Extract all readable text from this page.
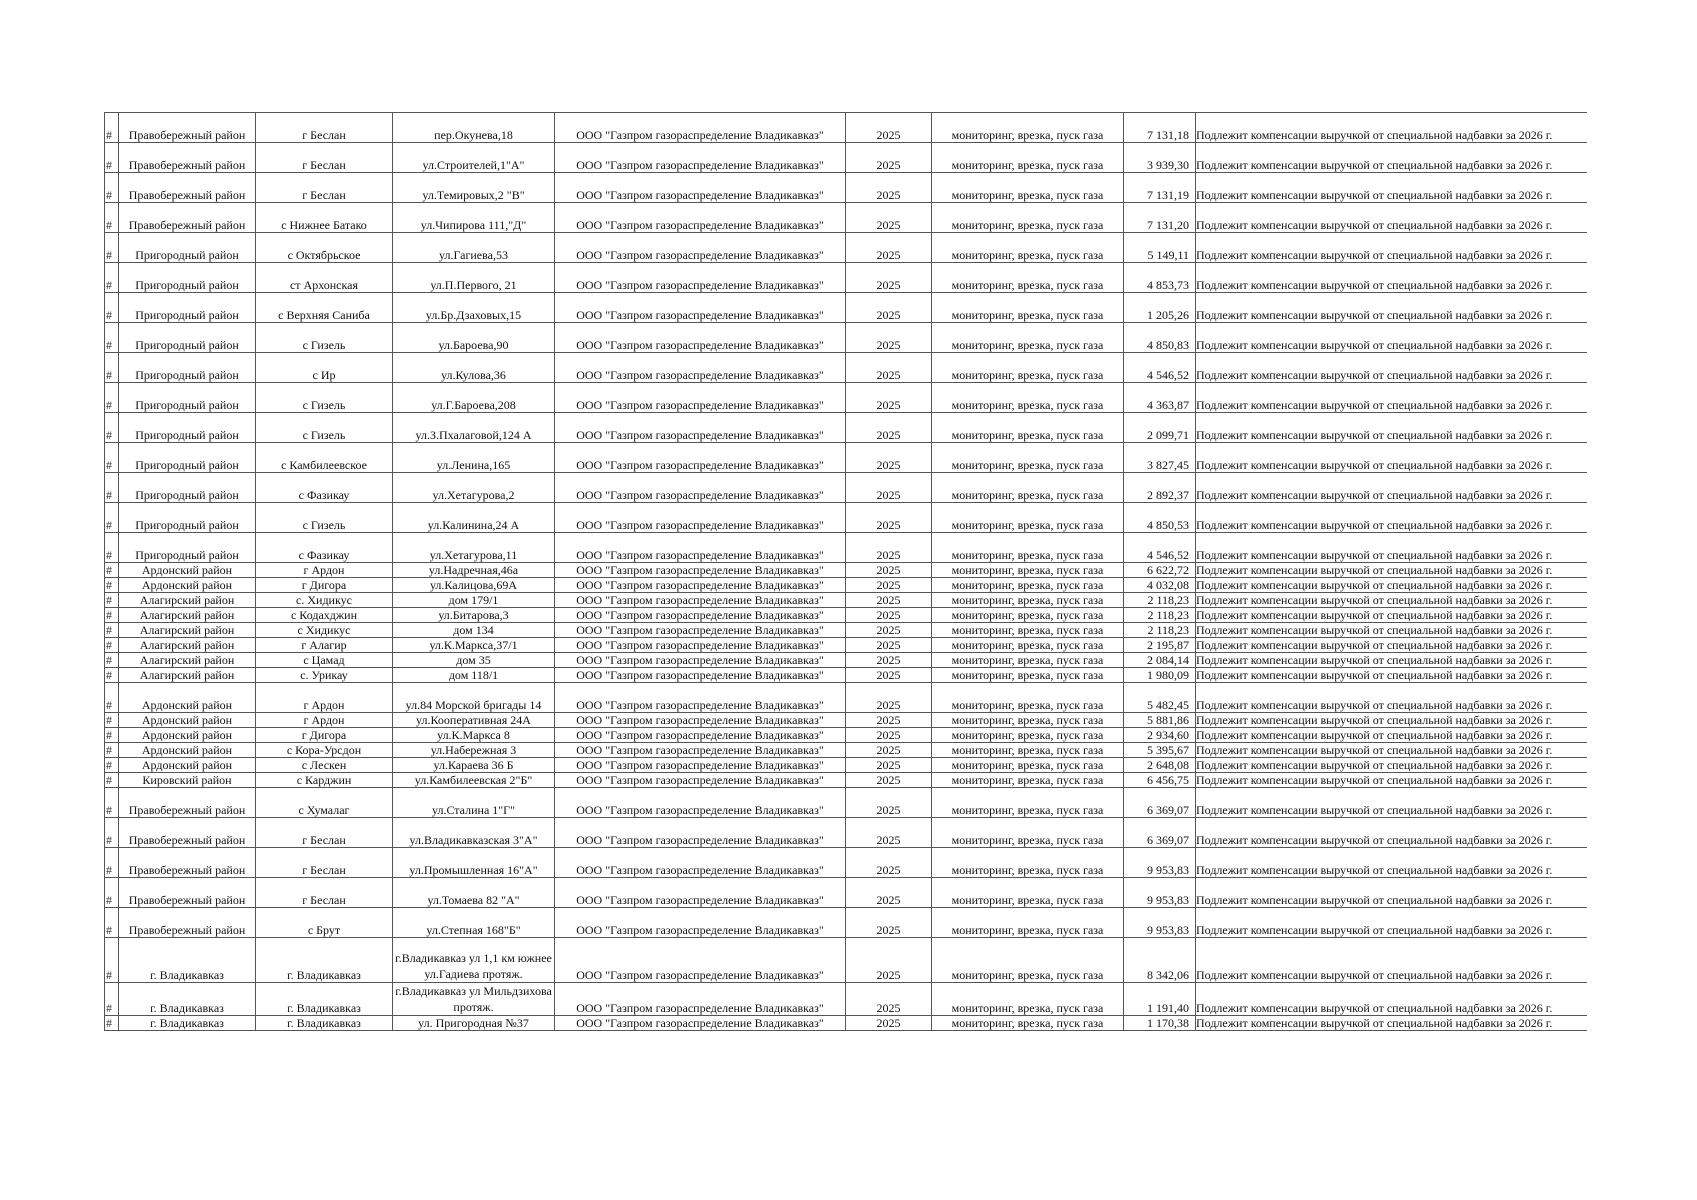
#	Правобережный район	г Беслан	пер.Окунева,18	ООО "Газпром газораспределение Владикавказ"	2025	мониторинг, врезка, пуск газа	7 131,18	Подлежит компенсации выручкой от специальной надбавки за 2026 г.
#	Правобережный район	г Беслан	ул.Строителей,1"А"	ООО "Газпром газораспределение Владикавказ"	2025	мониторинг, врезка, пуск газа	3 939,30	Подлежит компенсации выручкой от специальной надбавки за 2026 г.
#	Правобережный район	г Беслан	ул.Темировых,2 "В"	ООО "Газпром газораспределение Владикавказ"	2025	мониторинг, врезка, пуск газа	7 131,19	Подлежит компенсации выручкой от специальной надбавки за 2026 г.
#	Правобережный район	с Нижнее Батако	ул.Чипирова 111,"Д"	ООО "Газпром газораспределение Владикавказ"	2025	мониторинг, врезка, пуск газа	7 131,20	Подлежит компенсации выручкой от специальной надбавки за 2026 г.
#	Пригородный район	с Октябрьское	ул.Гагиева,53	ООО "Газпром газораспределение Владикавказ"	2025	мониторинг, врезка, пуск газа	5 149,11	Подлежит компенсации выручкой от специальной надбавки за 2026 г.
#	Пригородный район	ст Архонская	ул.П.Первого, 21	ООО "Газпром газораспределение Владикавказ"	2025	мониторинг, врезка, пуск газа	4 853,73	Подлежит компенсации выручкой от специальной надбавки за 2026 г.
#	Пригородный район	с Верхняя Саниба	ул.Бр.Дзаховых,15	ООО "Газпром газораспределение Владикавказ"	2025	мониторинг, врезка, пуск газа	1 205,26	Подлежит компенсации выручкой от специальной надбавки за 2026 г.
#	Пригородный район	с Гизель	ул.Бароева,90	ООО "Газпром газораспределение Владикавказ"	2025	мониторинг, врезка, пуск газа	4 850,83	Подлежит компенсации выручкой от специальной надбавки за 2026 г.
#	Пригородный район	с Ир	ул.Кулова,36	ООО "Газпром газораспределение Владикавказ"	2025	мониторинг, врезка, пуск газа	4 546,52	Подлежит компенсации выручкой от специальной надбавки за 2026 г.
#	Пригородный район	с Гизель	ул.Г.Бароева,208	ООО "Газпром газораспределение Владикавказ"	2025	мониторинг, врезка, пуск газа	4 363,87	Подлежит компенсации выручкой от специальной надбавки за 2026 г.
#	Пригородный район	с Гизель	ул.З.Пхалаговой,124 А	ООО "Газпром газораспределение Владикавказ"	2025	мониторинг, врезка, пуск газа	2 099,71	Подлежит компенсации выручкой от специальной надбавки за 2026 г.
#	Пригородный район	с Камбилеевское	ул.Ленина,165	ООО "Газпром газораспределение Владикавказ"	2025	мониторинг, врезка, пуск газа	3 827,45	Подлежит компенсации выручкой от специальной надбавки за 2026 г.
#	Пригородный район	с Фазикау	ул.Хетагурова,2	ООО "Газпром газораспределение Владикавказ"	2025	мониторинг, врезка, пуск газа	2 892,37	Подлежит компенсации выручкой от специальной надбавки за 2026 г.
#	Пригородный район	с Гизель	ул.Калинина,24 А	ООО "Газпром газораспределение Владикавказ"	2025	мониторинг, врезка, пуск газа	4 850,53	Подлежит компенсации выручкой от специальной надбавки за 2026 г.
#	Пригородный район	с Фазикау	ул.Хетагурова,11	ООО "Газпром газораспределение Владикавказ"	2025	мониторинг, врезка, пуск газа	4 546,52	Подлежит компенсации выручкой от специальной надбавки за 2026 г.
#	Ардонский район	г Ардон	ул.Надречная,46а	ООО "Газпром газораспределение Владикавказ"	2025	мониторинг, врезка, пуск газа	6 622,72	Подлежит компенсации выручкой от специальной надбавки за 2026 г.
#	Ардонский район	г Дигора	ул.Калицова,69А	ООО "Газпром газораспределение Владикавказ"	2025	мониторинг, врезка, пуск газа	4 032,08	Подлежит компенсации выручкой от специальной надбавки за 2026 г.
#	Алагирский район	с. Хидикус	дом 179/1	ООО "Газпром газораспределение Владикавказ"	2025	мониторинг, врезка, пуск газа	2 118,23	Подлежит компенсации выручкой от специальной надбавки за 2026 г.
#	Алагирский район	с Кодахджин	ул.Битарова,3	ООО "Газпром газораспределение Владикавказ"	2025	мониторинг, врезка, пуск газа	2 118,23	Подлежит компенсации выручкой от специальной надбавки за 2026 г.
#	Алагирский район	с Хидикус	дом 134	ООО "Газпром газораспределение Владикавказ"	2025	мониторинг, врезка, пуск газа	2 118,23	Подлежит компенсации выручкой от специальной надбавки за 2026 г.
#	Алагирский район	г Алагир	ул.К.Маркса,37/1	ООО "Газпром газораспределение Владикавказ"	2025	мониторинг, врезка, пуск газа	2 195,87	Подлежит компенсации выручкой от специальной надбавки за 2026 г.
#	Алагирский район	с Цамад	дом 35	ООО "Газпром газораспределение Владикавказ"	2025	мониторинг, врезка, пуск газа	2 084,14	Подлежит компенсации выручкой от специальной надбавки за 2026 г.
#	Алагирский район	с. Урикау	дом 118/1	ООО "Газпром газораспределение Владикавказ"	2025	мониторинг, врезка, пуск газа	1 980,09	Подлежит компенсации выручкой от специальной надбавки за 2026 г.
#	Ардонский район	г Ардон	ул.84 Морской бригады 14	ООО "Газпром газораспределение Владикавказ"	2025	мониторинг, врезка, пуск газа	5 482,45	Подлежит компенсации выручкой от специальной надбавки за 2026 г.
#	Ардонский район	г Ардон	ул.Кооперативная 24А	ООО "Газпром газораспределение Владикавказ"	2025	мониторинг, врезка, пуск газа	5 881,86	Подлежит компенсации выручкой от специальной надбавки за 2026 г.
#	Ардонский район	г Дигора	ул.К.Маркса 8	ООО "Газпром газораспределение Владикавказ"	2025	мониторинг, врезка, пуск газа	2 934,60	Подлежит компенсации выручкой от специальной надбавки за 2026 г.
#	Ардонский район	с Кора-Урсдон	ул.Набережная 3	ООО "Газпром газораспределение Владикавказ"	2025	мониторинг, врезка, пуск газа	5 395,67	Подлежит компенсации выручкой от специальной надбавки за 2026 г.
#	Ардонский район	с Лескен	ул.Караева 36 Б	ООО "Газпром газораспределение Владикавказ"	2025	мониторинг, врезка, пуск газа	2 648,08	Подлежит компенсации выручкой от специальной надбавки за 2026 г.
#	Кировский район	с Карджин	ул.Камбилеевская 2"Б"	ООО "Газпром газораспределение Владикавказ"	2025	мониторинг, врезка, пуск газа	6 456,75	Подлежит компенсации выручкой от специальной надбавки за 2026 г.
#	Правобережный район	с Хумалаг	ул.Сталина 1"Г"	ООО "Газпром газораспределение Владикавказ"	2025	мониторинг, врезка, пуск газа	6 369,07	Подлежит компенсации выручкой от специальной надбавки за 2026 г.
#	Правобережный район	г Беслан	ул.Владикавказская 3"А"	ООО "Газпром газораспределение Владикавказ"	2025	мониторинг, врезка, пуск газа	6 369,07	Подлежит компенсации выручкой от специальной надбавки за 2026 г.
#	Правобережный район	г Беслан	ул.Промышленная 16"А"	ООО "Газпром газораспределение Владикавказ"	2025	мониторинг, врезка, пуск газа	9 953,83	Подлежит компенсации выручкой от специальной надбавки за 2026 г.
#	Правобережный район	г Беслан	ул.Томаева 82 "А"	ООО "Газпром газораспределение Владикавказ"	2025	мониторинг, врезка, пуск газа	9 953,83	Подлежит компенсации выручкой от специальной надбавки за 2026 г.
#	Правобережный район	с Брут	ул.Степная 168"Б"	ООО "Газпром газораспределение Владикавказ"	2025	мониторинг, врезка, пуск газа	9 953,83	Подлежит компенсации выручкой от специальной надбавки за 2026 г.
#	г. Владикавказ	г. Владикавказ	г.Владикавказ ул 1,1 км южнее ул.Гадиева протяж.	ООО "Газпром газораспределение Владикавказ"	2025	мониторинг, врезка, пуск газа	8 342,06	Подлежит компенсации выручкой от специальной надбавки за 2026 г.
#	г. Владикавказ	г. Владикавказ	г.Владикавказ ул Мильдзихова протяж.	ООО "Газпром газораспределение Владикавказ"	2025	мониторинг, врезка, пуск газа	1 191,40	Подлежит компенсации выручкой от специальной надбавки за 2026 г.
#	г. Владикавказ	г. Владикавказ	ул. Пригородная №37	ООО "Газпром газораспределение Владикавказ"	2025	мониторинг, врезка, пуск газа	1 170,38	Подлежит компенсации выручкой от специальной надбавки за 2026 г.
